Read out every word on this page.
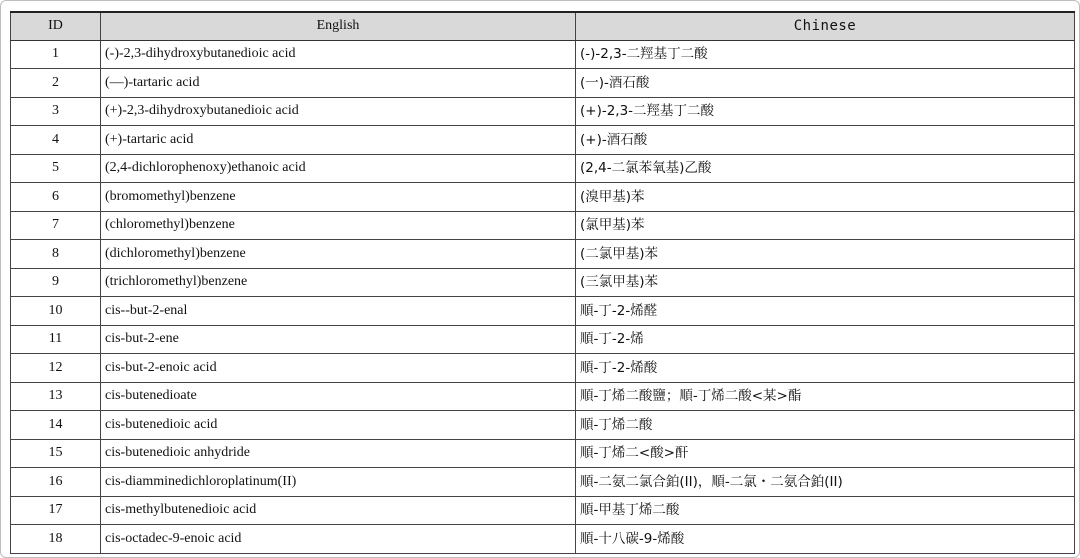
ID	English	Chinese
1	(-)-2,3-dihydroxybutanedioic acid	(-)-2,3-二羥基丁二酸
2	(—)-tartaric acid	(一)-酒石酸
3	(+)-2,3-dihydroxybutanedioic acid	(+)-2,3-二羥基丁二酸
4	(+)-tartaric acid	(+)-酒石酸
5	(2,4-dichlorophenoxy)ethanoic acid	(2,4-二氯苯氧基)乙酸
6	(bromomethyl)benzene	(溴甲基)苯
7	(chloromethyl)benzene	(氯甲基)苯
8	(dichloromethyl)benzene	(二氯甲基)苯
9	(trichloromethyl)benzene	(三氯甲基)苯
10	cis--but-2-enal	順-丁-2-烯醛
11	cis-but-2-ene	順-丁-2-烯
12	cis-but-2-enoic acid	順-丁-2-烯酸
13	cis-butenedioate	順-丁烯二酸鹽；順-丁烯二酸<某>酯
14	cis-butenedioic acid	順-丁烯二酸
15	cis-butenedioic anhydride	順-丁烯二<酸>酐
16	cis-diamminedichloroplatinum(II)	順-二氨二氯合鉑(II)，順-二氯・二氨合鉑(II)
17	cis-methylbutenedioic acid	順-甲基丁烯二酸
18	cis-octadec-9-enoic acid	順-十八碳-9-烯酸
